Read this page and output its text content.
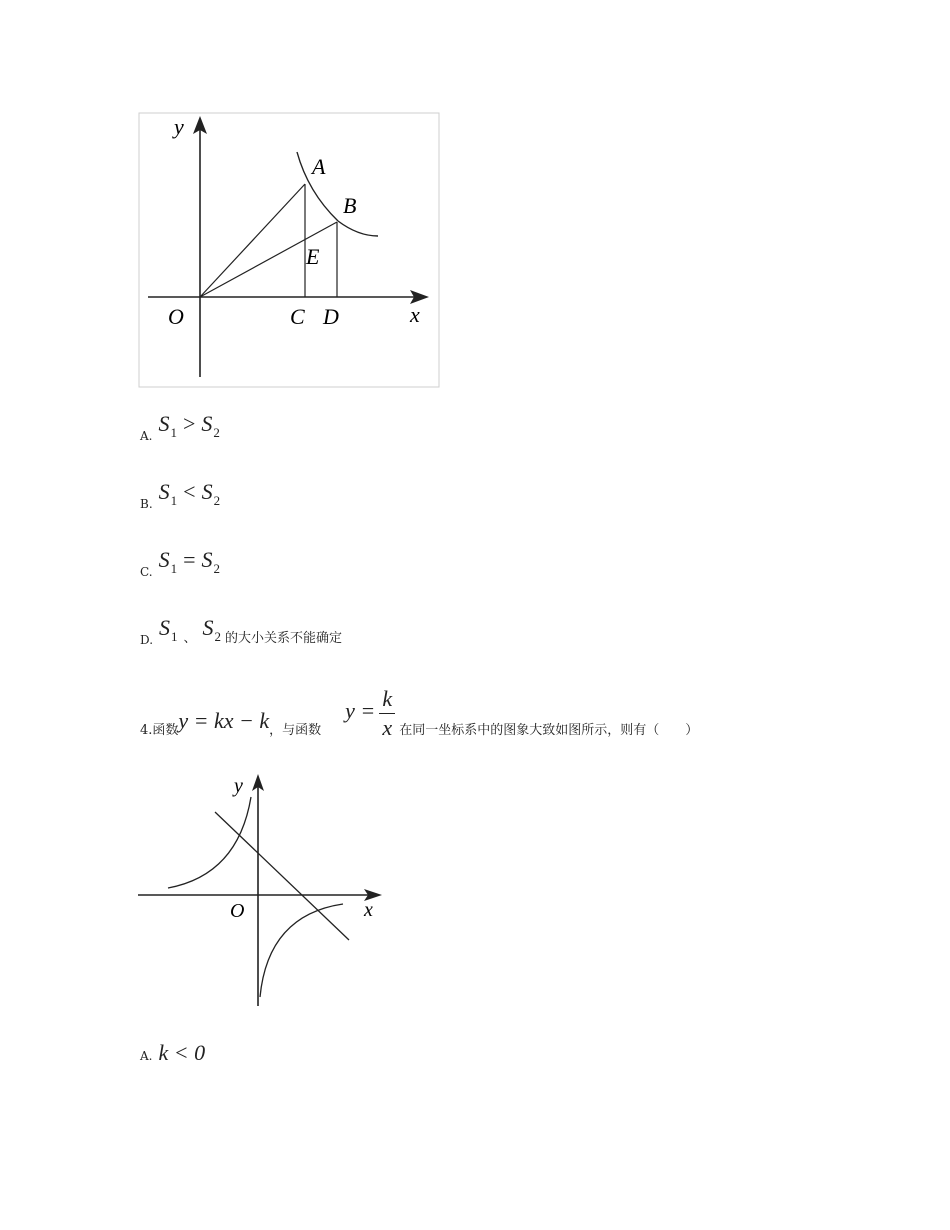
y
A
B
E
O	C D	x
A. $S_1 > S_2$
B. $S_1 < S_2$
C. $S_1 = S_2$
D. $S_1$ 、 $S_2$ 的大小关系不能确定
4.函数 y = kx − k ，与函数
$y = \frac{k}{x}$ 在同一坐标系中的图象大致如图所示，则有（　　）
y
O	x
A. k < 0
